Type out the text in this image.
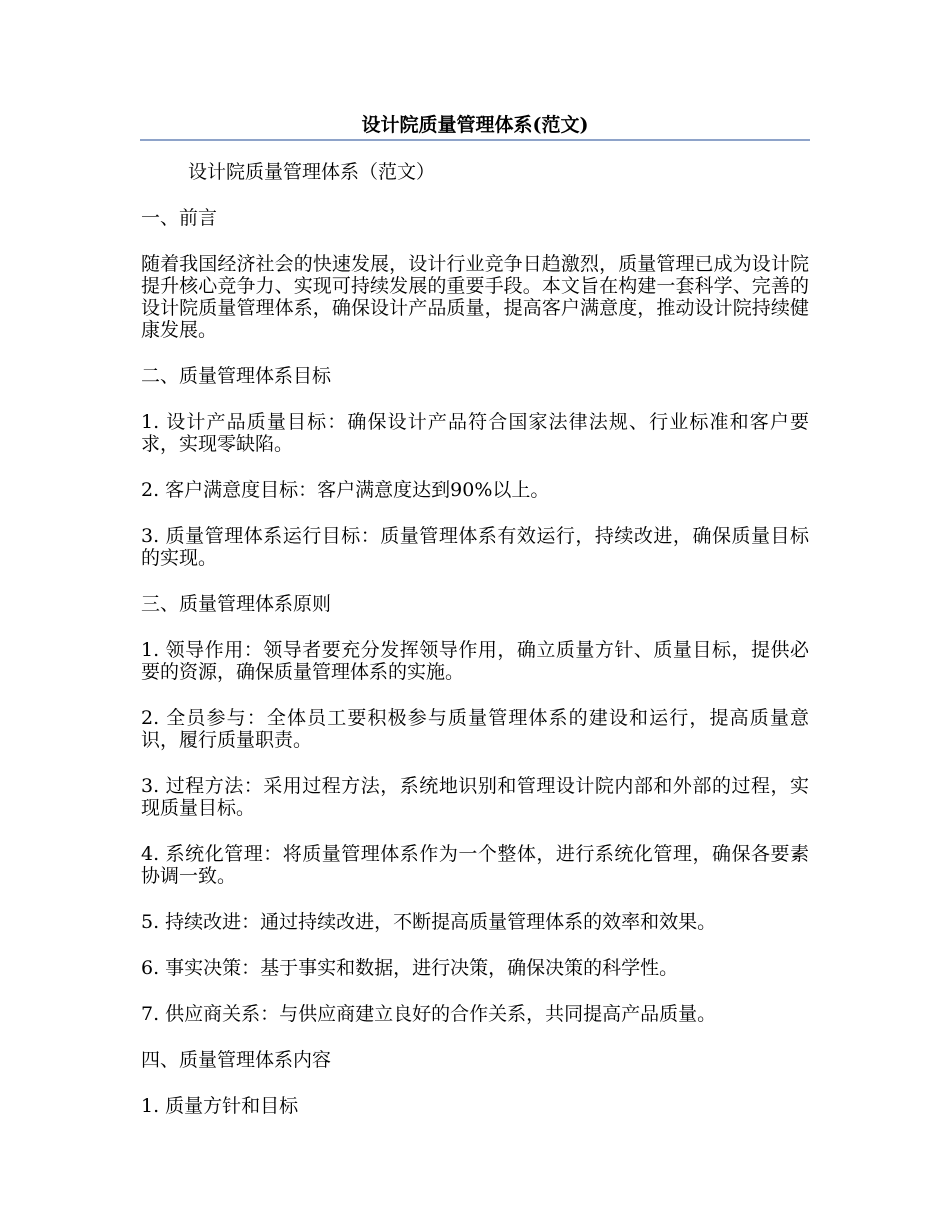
设计院质量管理体系(范文)

设计院质量管理体系（范文）

一、前言

随着我国经济社会的快速发展，设计行业竞争日趋激烈，质量管理已成为设计院提升核心竞争力、实现可持续发展的重要手段。本文旨在构建一套科学、完善的设计院质量管理体系，确保设计产品质量，提高客户满意度，推动设计院持续健康发展。

二、质量管理体系目标

1. 设计产品质量目标：确保设计产品符合国家法律法规、行业标准和客户要求，实现零缺陷。

2. 客户满意度目标：客户满意度达到90%以上。

3. 质量管理体系运行目标：质量管理体系有效运行，持续改进，确保质量目标的实现。

三、质量管理体系原则

1. 领导作用：领导者要充分发挥领导作用，确立质量方针、质量目标，提供必要的资源，确保质量管理体系的实施。

2. 全员参与：全体员工要积极参与质量管理体系的建设和运行，提高质量意识，履行质量职责。

3. 过程方法：采用过程方法，系统地识别和管理设计院内部和外部的过程，实现质量目标。

4. 系统化管理：将质量管理体系作为一个整体，进行系统化管理，确保各要素协调一致。

5. 持续改进：通过持续改进，不断提高质量管理体系的效率和效果。

6. 事实决策：基于事实和数据，进行决策，确保决策的科学性。

7. 供应商关系：与供应商建立良好的合作关系，共同提高产品质量。

四、质量管理体系内容

1. 质量方针和目标
